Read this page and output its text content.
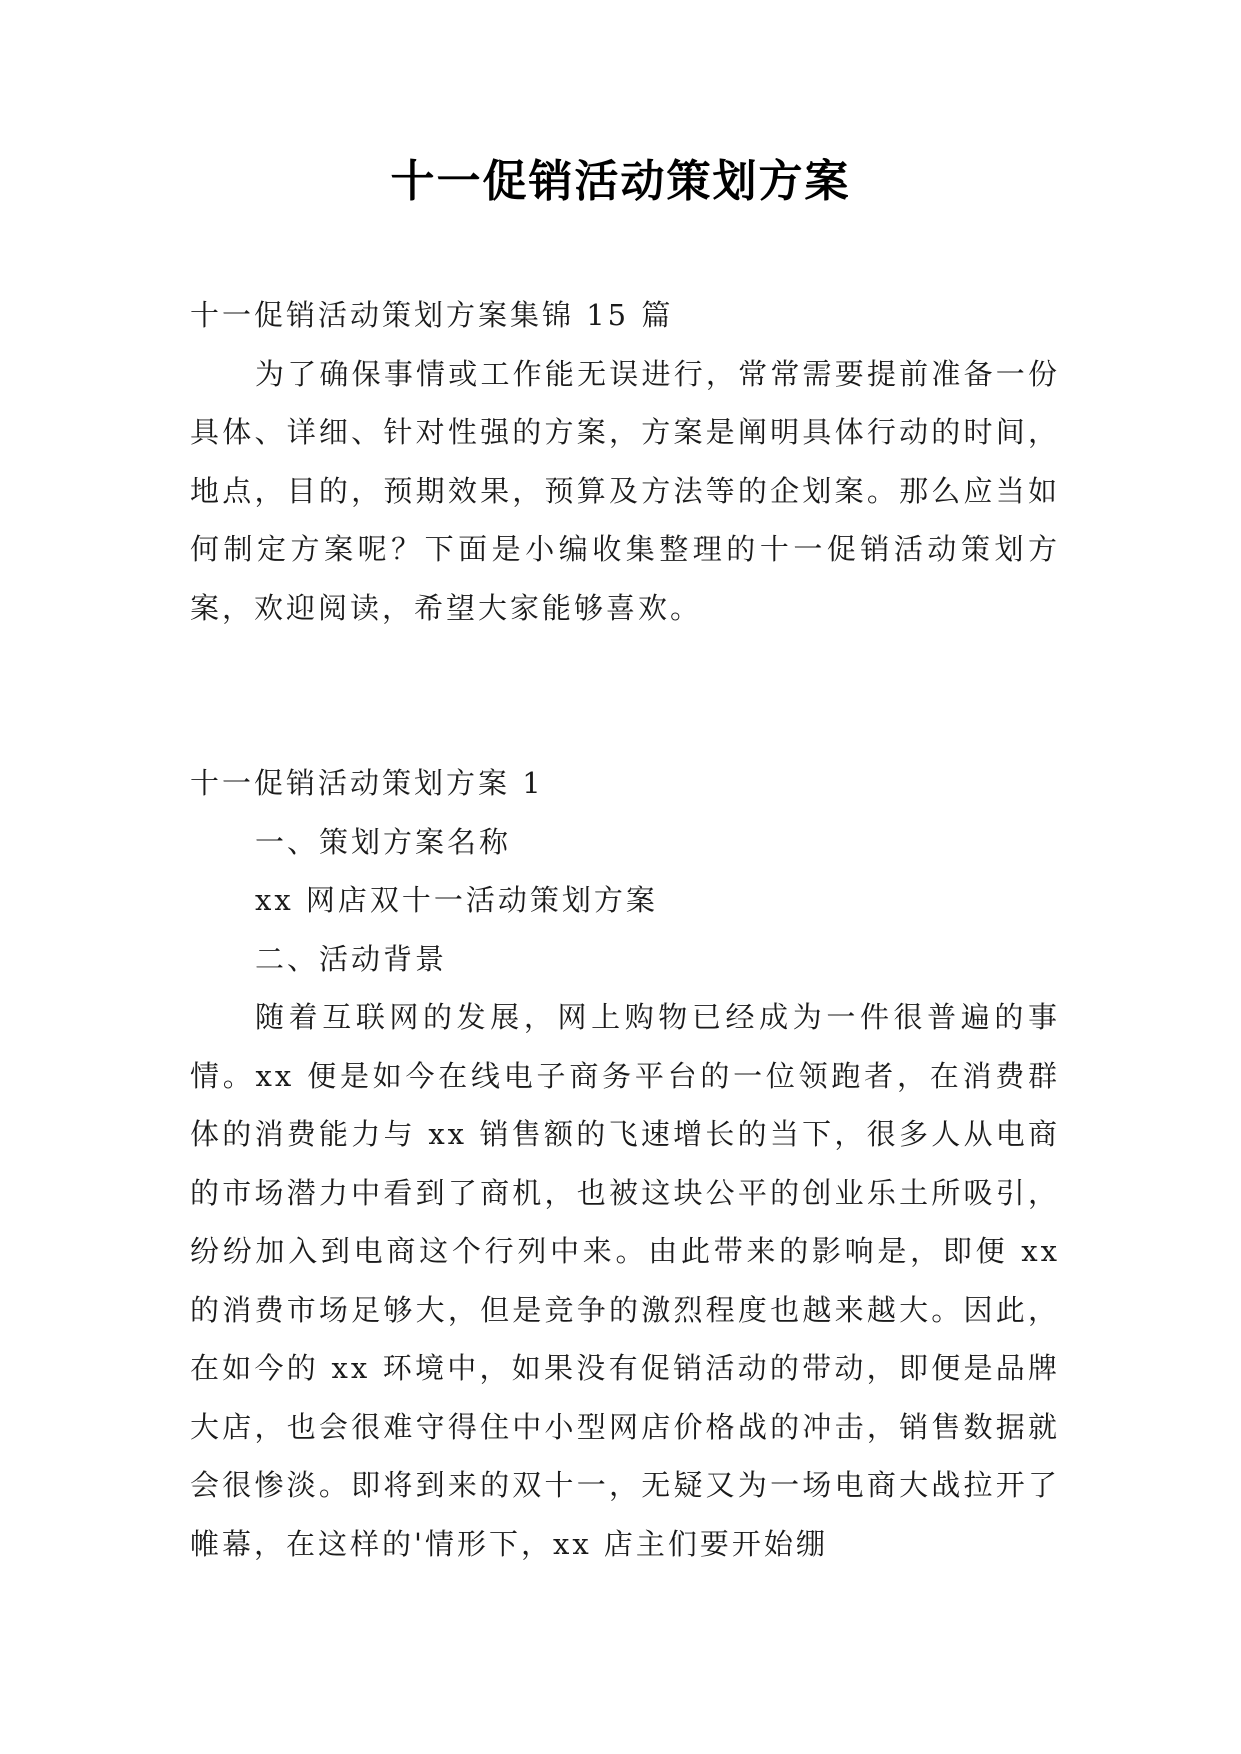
十一促销活动策划方案

十一促销活动策划方案集锦 15 篇

为了确保事情或工作能无误进行，常常需要提前准备一份具体、详细、针对性强的方案，方案是阐明具体行动的时间，地点，目的，预期效果，预算及方法等的企划案。那么应当如何制定方案呢？下面是小编收集整理的十一促销活动策划方案，欢迎阅读，希望大家能够喜欢。

十一促销活动策划方案 1

一、策划方案名称

xx 网店双十一活动策划方案

二、活动背景

随着互联网的发展，网上购物已经成为一件很普遍的事情。xx 便是如今在线电子商务平台的一位领跑者，在消费群体的消费能力与 xx 销售额的飞速增长的当下，很多人从电商的市场潜力中看到了商机，也被这块公平的创业乐土所吸引，纷纷加入到电商这个行列中来。由此带来的影响是，即便 xx 的消费市场足够大，但是竞争的激烈程度也越来越大。因此，在如今的 xx 环境中，如果没有促销活动的带动，即便是品牌大店，也会很难守得住中小型网店价格战的冲击，销售数据就会很惨淡。即将到来的双十一，无疑又为一场电商大战拉开了帷幕，在这样的'情形下，xx 店主们要开始绷
